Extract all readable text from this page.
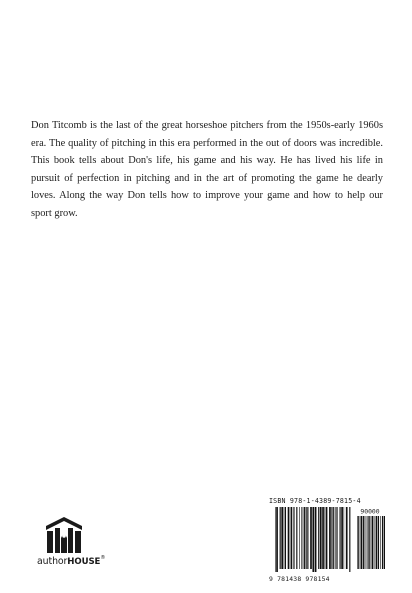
Don Titcomb is the last of the great horseshoe pitchers from the 1950s-early 1960s era. The quality of pitching in this era performed in the out of doors was incredible. This book tells about Don's life, his game and his way. He has lived his life in pursuit of perfection in pitching and in the art of promoting the game he dearly loves. Along the way Don tells how to improve your game and how to help our sport grow.

authorHOUSE®
ISBN 978-1-4389-7815-4
90000
9 781438 978154
